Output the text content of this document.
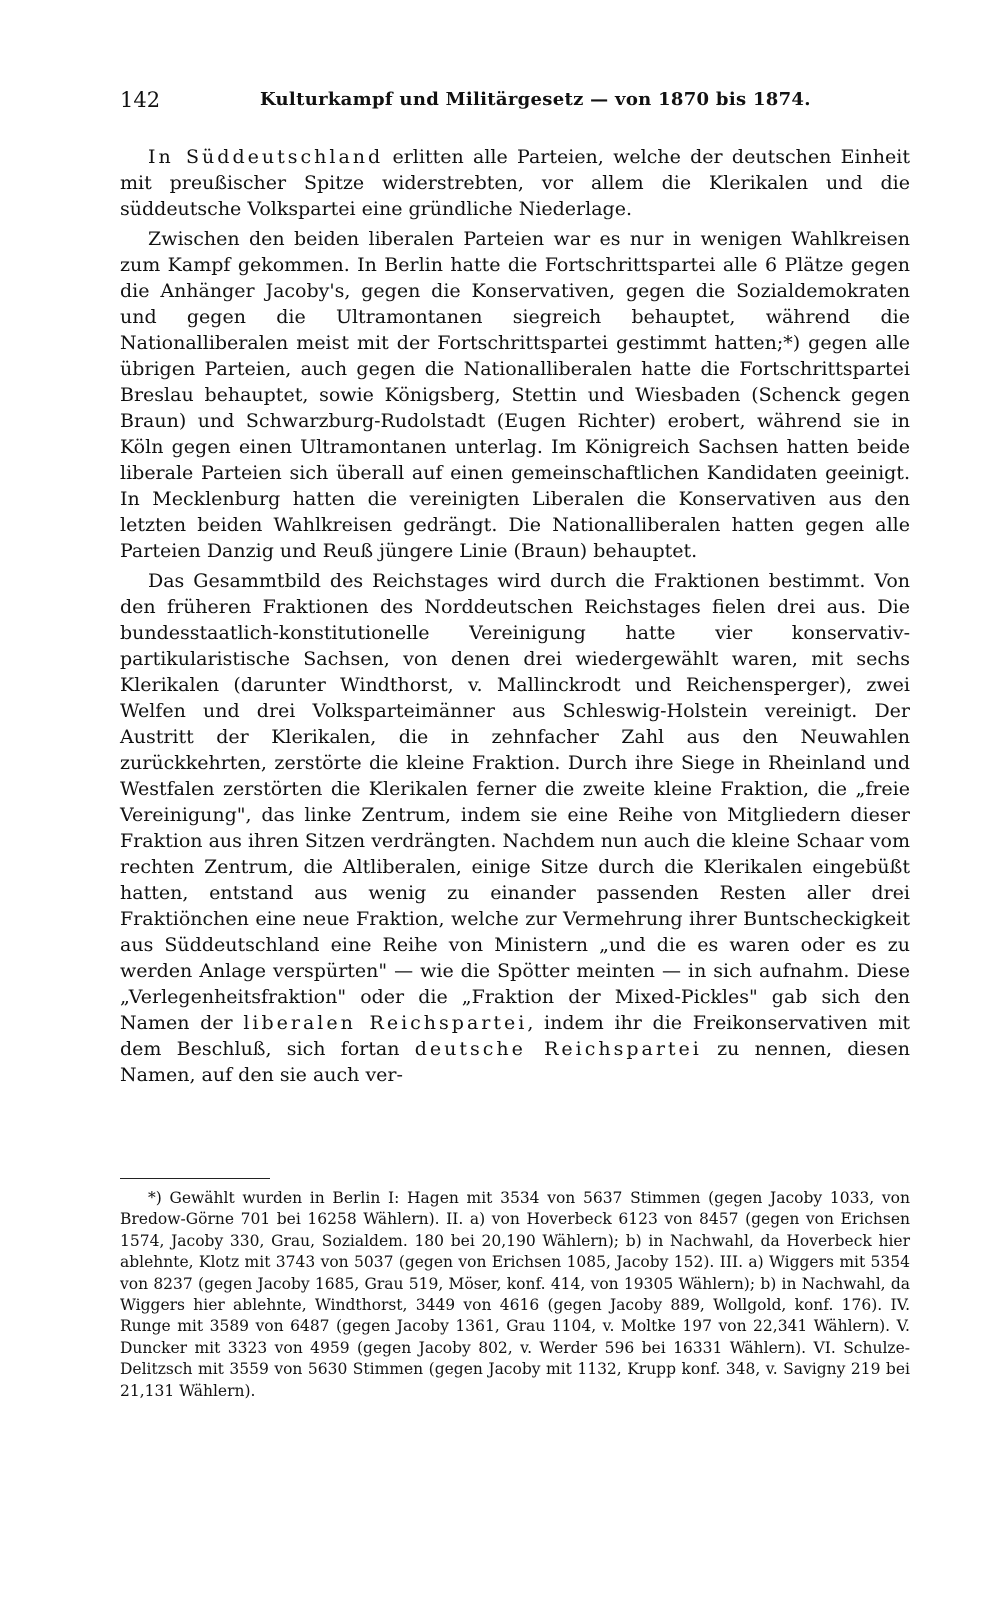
142	Kulturkampf und Militärgesetz — von 1870 bis 1874.

In Süddeutschland erlitten alle Parteien, welche der deutschen Einheit mit preußischer Spitze widerstrebten, vor allem die Klerikalen und die süddeutsche Volkspartei eine gründliche Niederlage.

Zwischen den beiden liberalen Parteien war es nur in wenigen Wahlkreisen zum Kampf gekommen. In Berlin hatte die Fortschrittspartei alle 6 Plätze gegen die Anhänger Jacoby's, gegen die Konservativen, gegen die Sozialdemokraten und gegen die Ultramontanen siegreich behauptet, während die Nationalliberalen meist mit der Fortschrittspartei gestimmt hatten;*) gegen alle übrigen Parteien, auch gegen die Nationalliberalen hatte die Fortschrittspartei Breslau behauptet, sowie Königsberg, Stettin und Wiesbaden (Schenck gegen Braun) und Schwarzburg-Rudolstadt (Eugen Richter) erobert, während sie in Köln gegen einen Ultramontanen unterlag. Im Königreich Sachsen hatten beide liberale Parteien sich überall auf einen gemeinschaftlichen Kandidaten geeinigt. In Mecklenburg hatten die vereinigten Liberalen die Konservativen aus den letzten beiden Wahlkreisen gedrängt. Die Nationalliberalen hatten gegen alle Parteien Danzig und Reuß jüngere Linie (Braun) behauptet.

Das Gesammtbild des Reichstages wird durch die Fraktionen bestimmt. Von den früheren Fraktionen des Norddeutschen Reichstages fielen drei aus. Die bundesstaatlich-konstitutionelle Vereinigung hatte vier konservativ-partikularistische Sachsen, von denen drei wiedergewählt waren, mit sechs Klerikalen (darunter Windthorst, v. Mallinckrodt und Reichensperger), zwei Welfen und drei Volksparteimänner aus Schleswig-Holstein vereinigt. Der Austritt der Klerikalen, die in zehnfacher Zahl aus den Neuwahlen zurückkehrten, zerstörte die kleine Fraktion. Durch ihre Siege in Rheinland und Westfalen zerstörten die Klerikalen ferner die zweite kleine Fraktion, die „freie Vereinigung", das linke Zentrum, indem sie eine Reihe von Mitgliedern dieser Fraktion aus ihren Sitzen verdrängten. Nachdem nun auch die kleine Schaar vom rechten Zentrum, die Altliberalen, einige Sitze durch die Klerikalen eingebüßt hatten, entstand aus wenig zu einander passenden Resten aller drei Fraktiönchen eine neue Fraktion, welche zur Vermehrung ihrer Buntscheckigkeit aus Süddeutschland eine Reihe von Ministern „und die es waren oder es zu werden Anlage verspürten" — wie die Spötter meinten — in sich aufnahm. Diese „Verlegenheitsfraktion" oder die „Fraktion der Mixed-Pickles" gab sich den Namen der liberalen Reichspartei, indem ihr die Freikonservativen mit dem Beschluß, sich fortan deutsche Reichspartei zu nennen, diesen Namen, auf den sie auch ver-

*) Gewählt wurden in Berlin I: Hagen mit 3534 von 5637 Stimmen (gegen Jacoby 1033, von Bredow-Görne 701 bei 16258 Wählern). II. a) von Hoverbeck 6123 von 8457 (gegen von Erichsen 1574, Jacoby 330, Grau, Sozialdem. 180 bei 20,190 Wählern); b) in Nachwahl, da Hoverbeck hier ablehnte, Klotz mit 3743 von 5037 (gegen von Erichsen 1085, Jacoby 152). III. a) Wiggers mit 5354 von 8237 (gegen Jacoby 1685, Grau 519, Möser, konf. 414, von 19305 Wählern); b) in Nachwahl, da Wiggers hier ablehnte, Windthorst, 3449 von 4616 (gegen Jacoby 889, Wollgold, konf. 176). IV. Runge mit 3589 von 6487 (gegen Jacoby 1361, Grau 1104, v. Moltke 197 von 22,341 Wählern). V. Duncker mit 3323 von 4959 (gegen Jacoby 802, v. Werder 596 bei 16331 Wählern). VI. Schulze-Delitzsch mit 3559 von 5630 Stimmen (gegen Jacoby mit 1132, Krupp konf. 348, v. Savigny 219 bei 21,131 Wählern).
